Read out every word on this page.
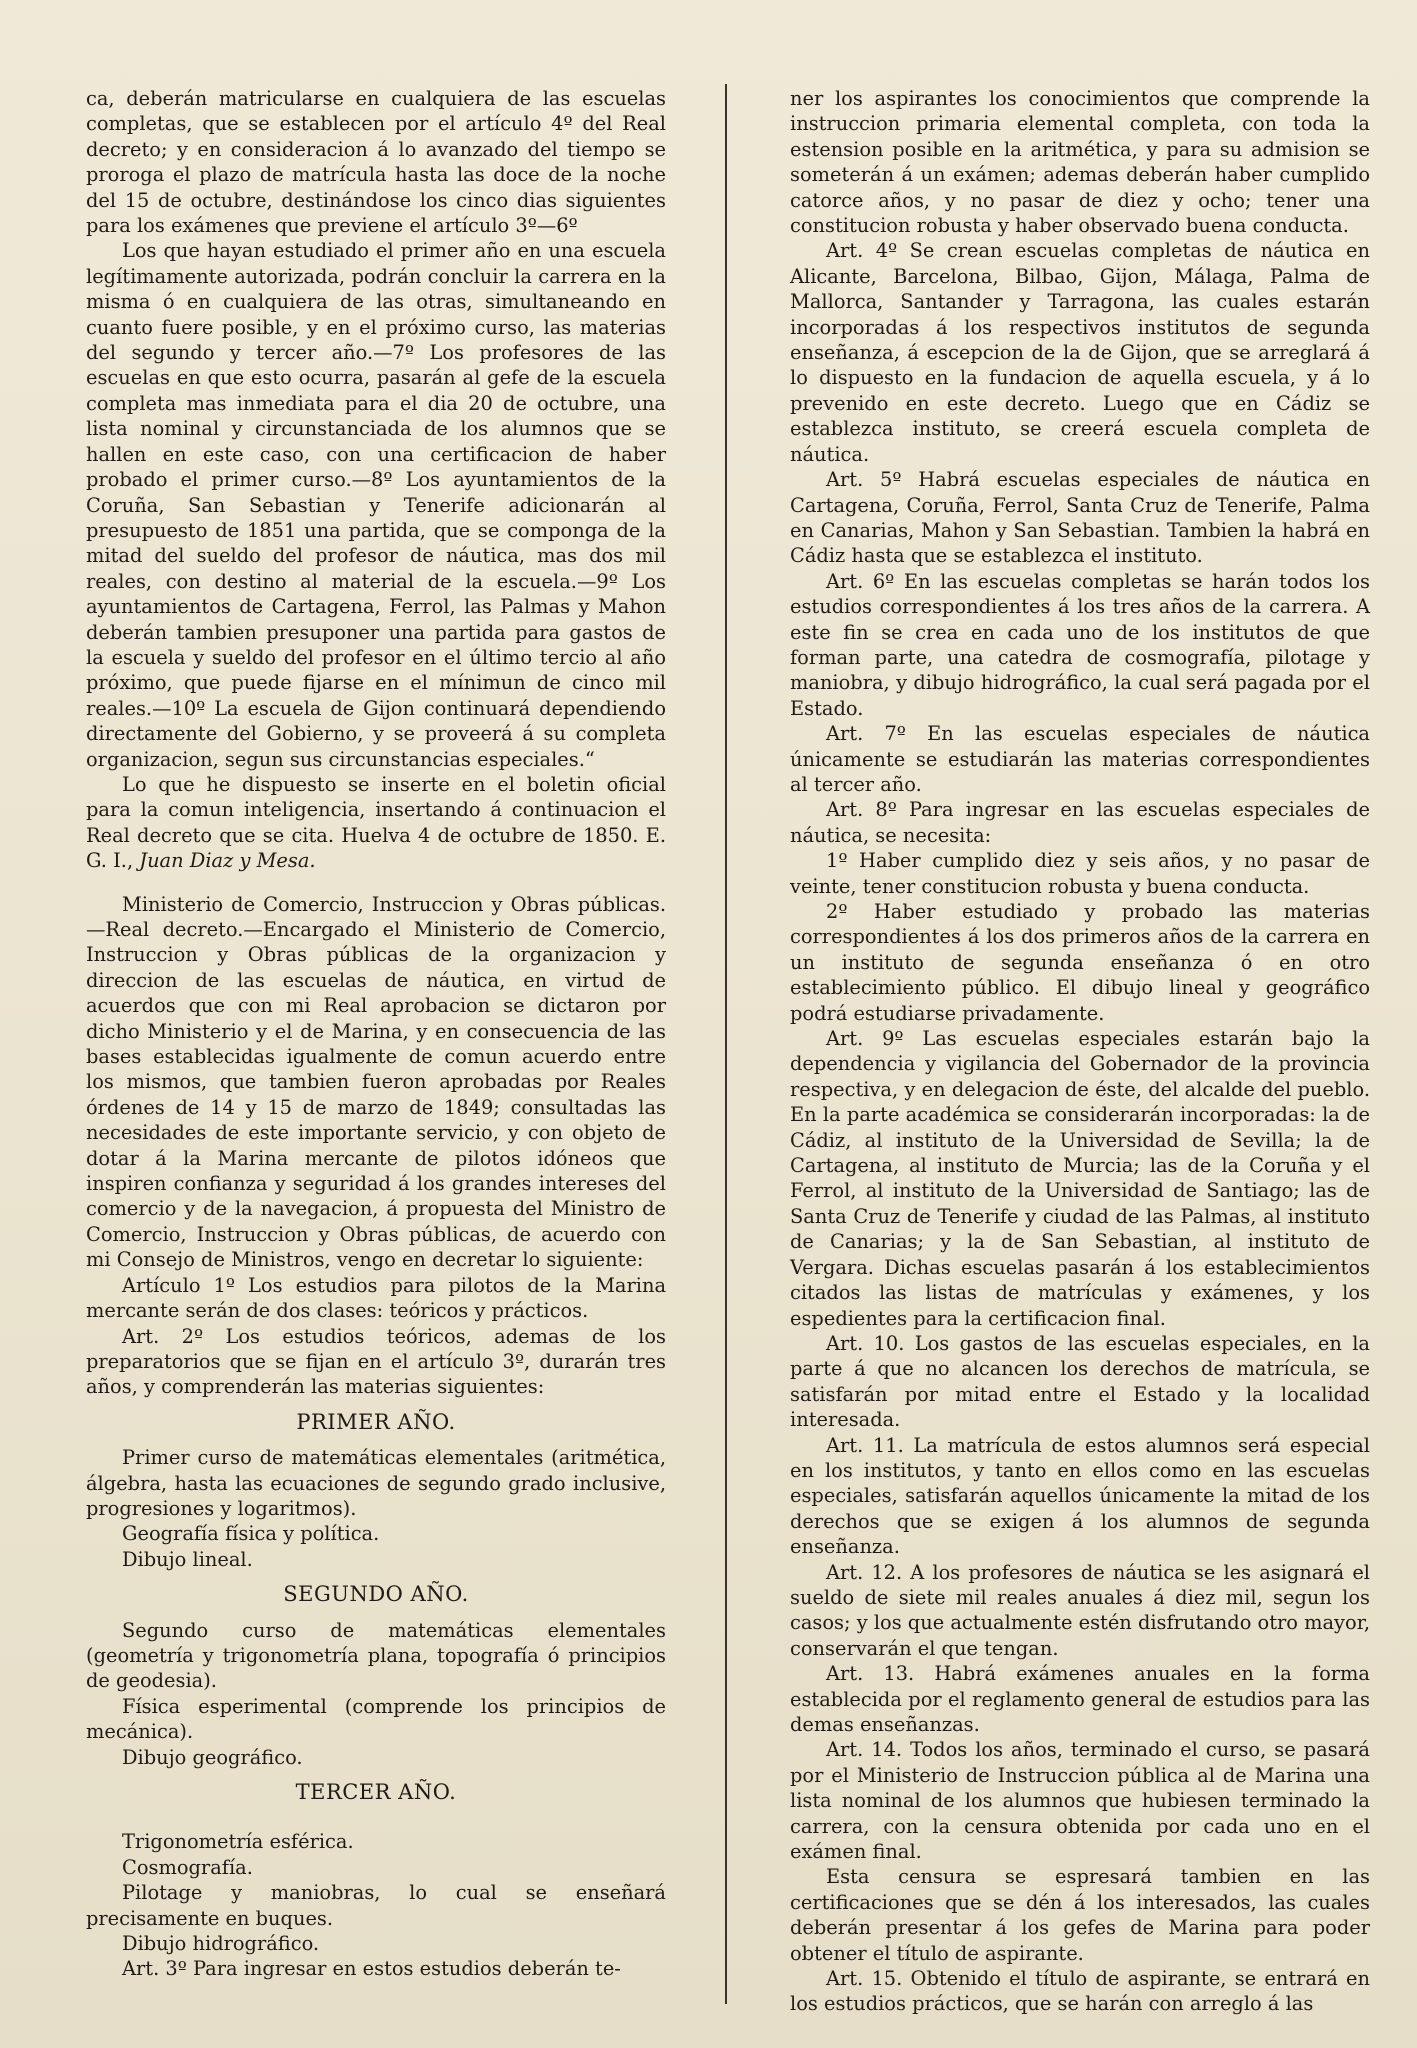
ca, deberán matricularse en cualquiera de las escuelas completas, que se establecen por el artículo 4º del Real decreto; y en consideracion á lo avanzado del tiempo se proroga el plazo de matrícula hasta las doce de la noche del 15 de octubre, destinándose los cinco dias siguientes para los exámenes que previene el artículo 3º—6º

Los que hayan estudiado el primer año en una escuela legítimamente autorizada, podrán concluir la carrera en la misma ó en cualquiera de las otras, simultaneando en cuanto fuere posible, y en el próximo curso, las materias del segundo y tercer año.—7º Los profesores de las escuelas en que esto ocurra, pasarán al gefe de la escuela completa mas inmediata para el dia 20 de octubre, una lista nominal y circunstanciada de los alumnos que se hallen en este caso, con una certificacion de haber probado el primer curso.—8º Los ayuntamientos de la Coruña, San Sebastian y Tenerife adicionarán al presupuesto de 1851 una partida, que se componga de la mitad del sueldo del profesor de náutica, mas dos mil reales, con destino al material de la escuela.—9º Los ayuntamientos de Cartagena, Ferrol, las Palmas y Mahon deberán tambien presuponer una partida para gastos de la escuela y sueldo del profesor en el último tercio al año próximo, que puede fijarse en el mínimun de cinco mil reales.—10º La escuela de Gijon continuará dependiendo directamente del Gobierno, y se proveerá á su completa organizacion, segun sus circunstancias especiales.“

Lo que he dispuesto se inserte en el boletin oficial para la comun inteligencia, insertando á continuacion el Real decreto que se cita. Huelva 4 de octubre de 1850. E. G. I., Juan Diaz y Mesa.

Ministerio de Comercio, Instruccion y Obras públicas.—Real decreto.—Encargado el Ministerio de Comercio, Instruccion y Obras públicas de la organizacion y direccion de las escuelas de náutica, en virtud de acuerdos que con mi Real aprobacion se dictaron por dicho Ministerio y el de Marina, y en consecuencia de las bases establecidas igualmente de comun acuerdo entre los mismos, que tambien fueron aprobadas por Reales órdenes de 14 y 15 de marzo de 1849; consultadas las necesidades de este importante servicio, y con objeto de dotar á la Marina mercante de pilotos idóneos que inspiren confianza y seguridad á los grandes intereses del comercio y de la navegacion, á propuesta del Ministro de Comercio, Instruccion y Obras públicas, de acuerdo con mi Consejo de Ministros, vengo en decretar lo siguiente:

Artículo 1º Los estudios para pilotos de la Marina mercante serán de dos clases: teóricos y prácticos.

Art. 2º Los estudios teóricos, ademas de los preparatorios que se fijan en el artículo 3º, durarán tres años, y comprenderán las materias siguientes:

PRIMER AÑO.

Primer curso de matemáticas elementales (aritmética, álgebra, hasta las ecuaciones de segundo grado inclusive, progresiones y logaritmos).

Geografía física y política.

Dibujo lineal.

SEGUNDO AÑO.

Segundo curso de matemáticas elementales (geometría y trigonometría plana, topografía ó principios de geodesia).

Física esperimental (comprende los principios de mecánica).

Dibujo geográfico.

TERCER AÑO.

Trigonometría esférica.

Cosmografía.

Pilotage y maniobras, lo cual se enseñará precisamente en buques.

Dibujo hidrográfico.

Art. 3º Para ingresar en estos estudios deberán te-

ner los aspirantes los conocimientos que comprende la instruccion primaria elemental completa, con toda la estension posible en la aritmética, y para su admision se someterán á un exámen; ademas deberán haber cumplido catorce años, y no pasar de diez y ocho; tener una constitucion robusta y haber observado buena conducta.

Art. 4º Se crean escuelas completas de náutica en Alicante, Barcelona, Bilbao, Gijon, Málaga, Palma de Mallorca, Santander y Tarragona, las cuales estarán incorporadas á los respectivos institutos de segunda enseñanza, á escepcion de la de Gijon, que se arreglará á lo dispuesto en la fundacion de aquella escuela, y á lo prevenido en este decreto. Luego que en Cádiz se establezca instituto, se creerá escuela completa de náutica.

Art. 5º Habrá escuelas especiales de náutica en Cartagena, Coruña, Ferrol, Santa Cruz de Tenerife, Palma en Canarias, Mahon y San Sebastian. Tambien la habrá en Cádiz hasta que se establezca el instituto.

Art. 6º En las escuelas completas se harán todos los estudios correspondientes á los tres años de la carrera. A este fin se crea en cada uno de los institutos de que forman parte, una catedra de cosmografía, pilotage y maniobra, y dibujo hidrográfico, la cual será pagada por el Estado.

Art. 7º En las escuelas especiales de náutica únicamente se estudiarán las materias correspondientes al tercer año.

Art. 8º Para ingresar en las escuelas especiales de náutica, se necesita:

1º Haber cumplido diez y seis años, y no pasar de veinte, tener constitucion robusta y buena conducta.

2º Haber estudiado y probado las materias correspondientes á los dos primeros años de la carrera en un instituto de segunda enseñanza ó en otro establecimiento público. El dibujo lineal y geográfico podrá estudiarse privadamente.

Art. 9º Las escuelas especiales estarán bajo la dependencia y vigilancia del Gobernador de la provincia respectiva, y en delegacion de éste, del alcalde del pueblo. En la parte académica se considerarán incorporadas: la de Cádiz, al instituto de la Universidad de Sevilla; la de Cartagena, al instituto de Murcia; las de la Coruña y el Ferrol, al instituto de la Universidad de Santiago; las de Santa Cruz de Tenerife y ciudad de las Palmas, al instituto de Canarias; y la de San Sebastian, al instituto de Vergara. Dichas escuelas pasarán á los establecimientos citados las listas de matrículas y exámenes, y los espedientes para la certificacion final.

Art. 10. Los gastos de las escuelas especiales, en la parte á que no alcancen los derechos de matrícula, se satisfarán por mitad entre el Estado y la localidad interesada.

Art. 11. La matrícula de estos alumnos será especial en los institutos, y tanto en ellos como en las escuelas especiales, satisfarán aquellos únicamente la mitad de los derechos que se exigen á los alumnos de segunda enseñanza.

Art. 12. A los profesores de náutica se les asignará el sueldo de siete mil reales anuales á diez mil, segun los casos; y los que actualmente estén disfrutando otro mayor, conservarán el que tengan.

Art. 13. Habrá exámenes anuales en la forma establecida por el reglamento general de estudios para las demas enseñanzas.

Art. 14. Todos los años, terminado el curso, se pasará por el Ministerio de Instruccion pública al de Marina una lista nominal de los alumnos que hubiesen terminado la carrera, con la censura obtenida por cada uno en el exámen final.

Esta censura se espresará tambien en las certificaciones que se dén á los interesados, las cuales deberán presentar á los gefes de Marina para poder obtener el título de aspirante.

Art. 15. Obtenido el título de aspirante, se entrará en los estudios prácticos, que se harán con arreglo á las
